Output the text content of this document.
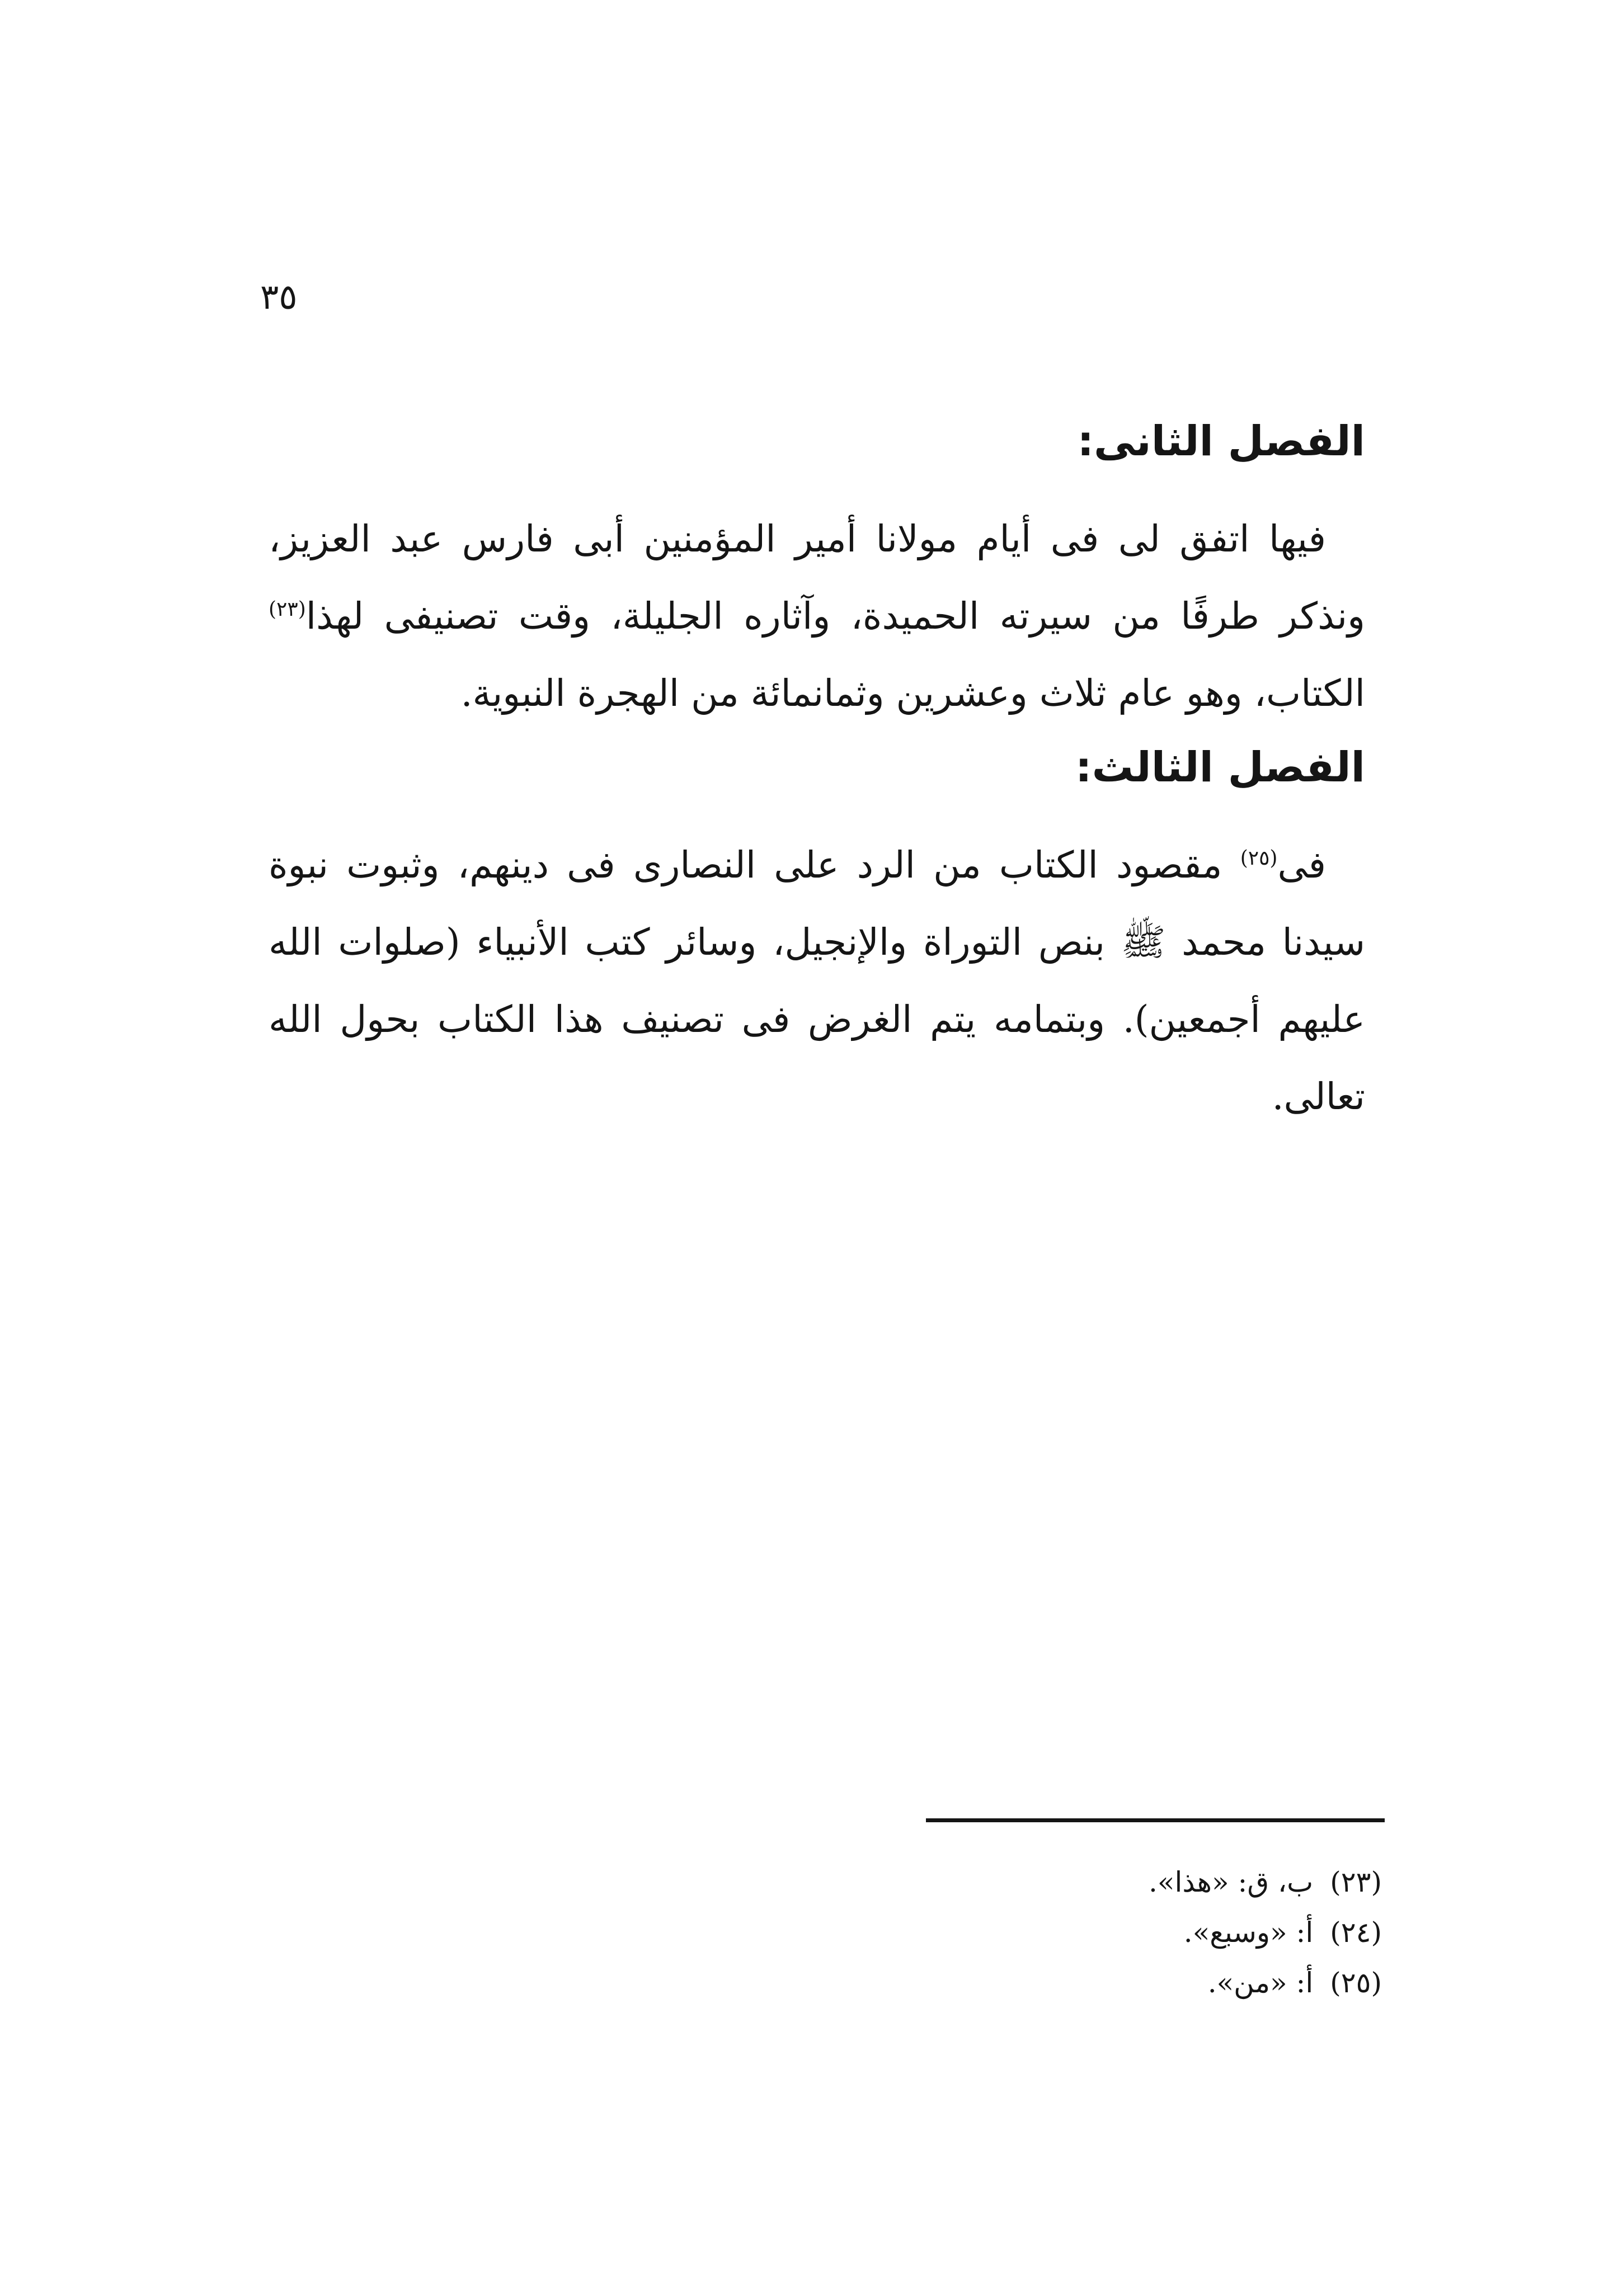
٣٥
الفصل الثانى:

فيها اتفق لى فى أيام مولانا أمير المؤمنين أبى فارس عبد العزيز، ونذكر طرفًا من سيرته الحميدة، وآثاره الجليلة، وقت تصنيفى لهذا$^{(٢٣)}$ الكتاب، وهو عام ثلاث وعشرين وثمانمائة من الهجرة النبوية.

الفصل الثالث:

فى$^{(٢٥)}$ مقصود الكتاب من الرد على النصارى فى دينهم، وثبوت نبوة سيدنا محمد ﷺ بنص التوراة والإنجيل، وسائر كتب الأنبياء (صلوات الله عليهم أجمعين). وبتمامه يتم الغرض فى تصنيف هذا الكتاب بحول الله تعالى.

(٢٣)ب، ق: «هذا».
(٢٤)أ: «وسبع».
(٢٥)أ: «من».
